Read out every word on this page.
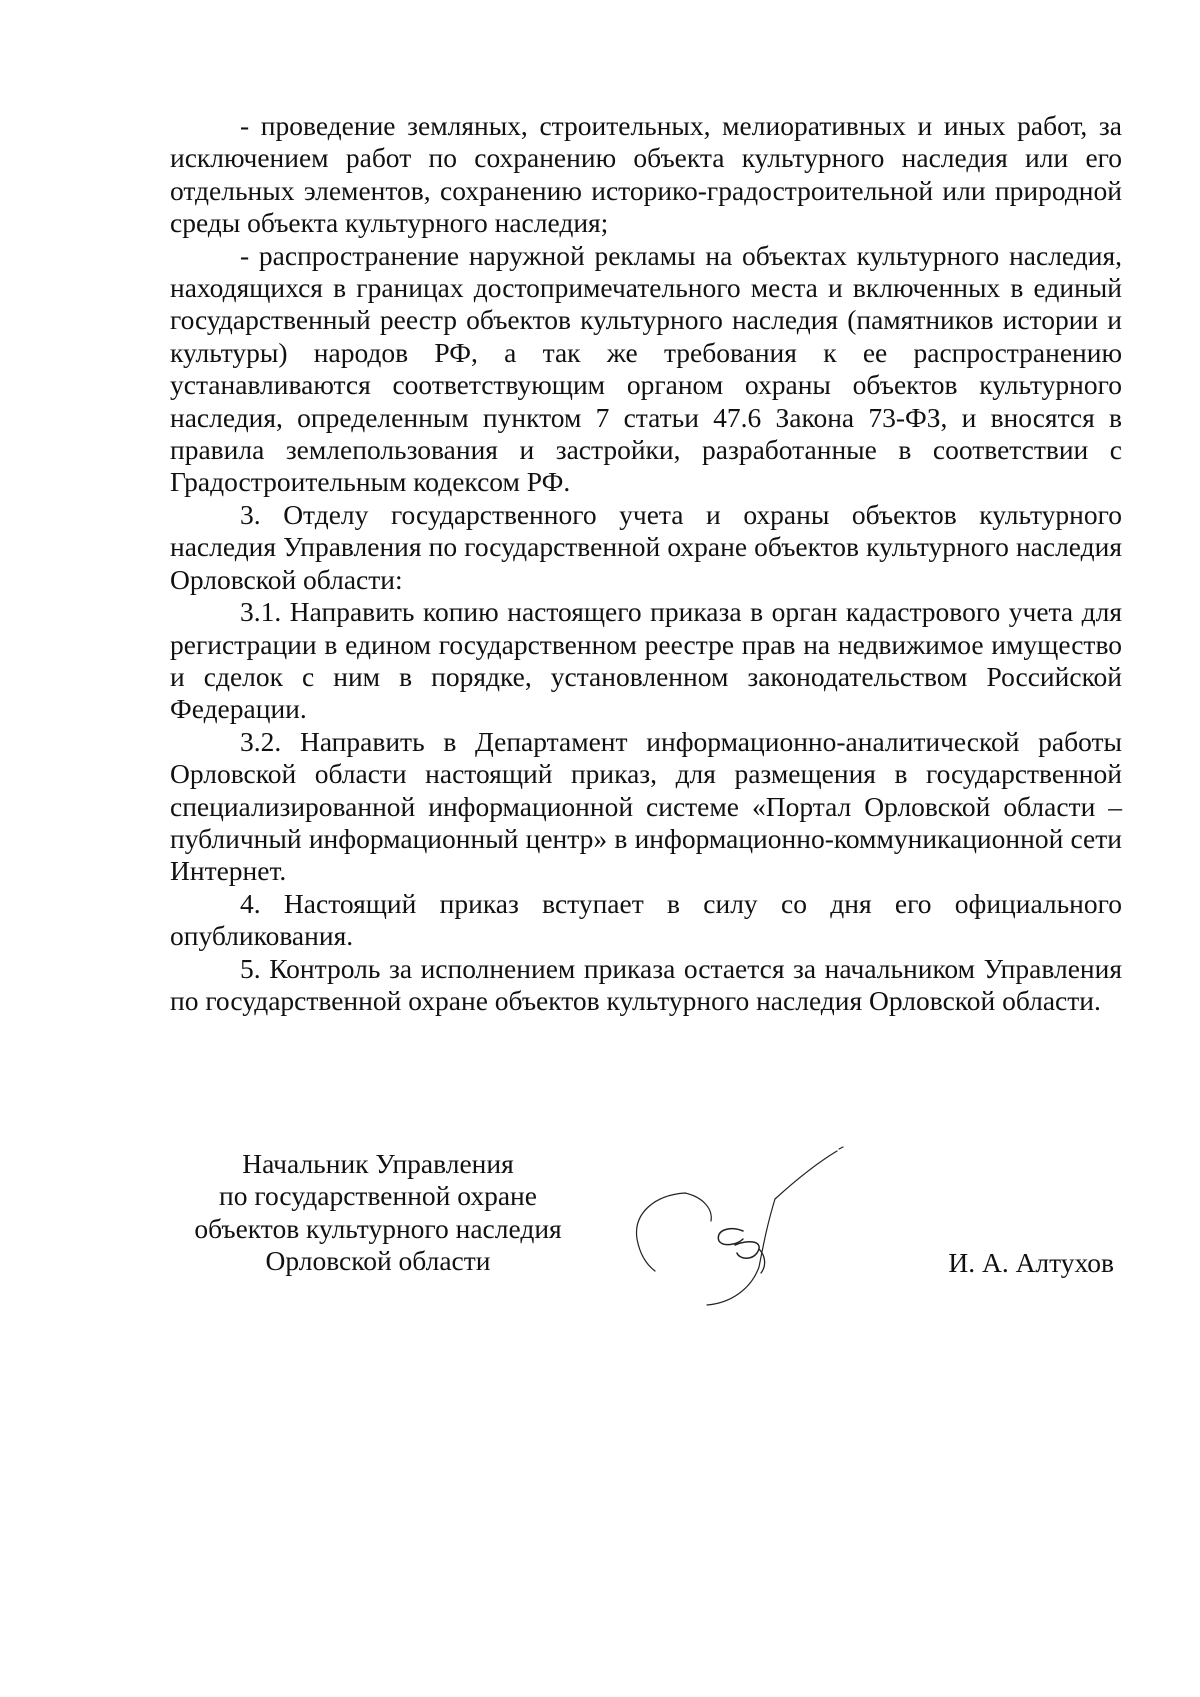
- проведение земляных, строительных, мелиоративных и иных работ, за исключением работ по сохранению объекта культурного наследия или его отдельных элементов, сохранению историко-градостроительной или природной среды объекта культурного наследия;

- распространение наружной рекламы на объектах культурного наследия, находящихся в границах достопримечательного места и включенных в единый государственный реестр объектов культурного наследия (памятников истории и культуры) народов РФ, а так же требования к ее распространению устанавливаются соответствующим органом охраны объектов культурного наследия, определенным пунктом 7 статьи 47.6 Закона 73-ФЗ, и вносятся в правила землепользования и застройки, разработанные в соответствии с Градостроительным кодексом РФ.

3. Отделу государственного учета и охраны объектов культурного наследия Управления по государственной охране объектов культурного наследия Орловской области:

3.1. Направить копию настоящего приказа в орган кадастрового учета для регистрации в едином государственном реестре прав на недвижимое имущество и сделок с ним в порядке, установленном законодательством Российской Федерации.

3.2. Направить в Департамент информационно-аналитической работы Орловской области настоящий приказ, для размещения в государственной специализированной информационной системе «Портал Орловской области – публичный информационный центр» в информационно-коммуникационной сети Интернет.

4. Настоящий приказ вступает в силу со дня его официального опубликования.

5. Контроль за исполнением приказа остается за начальником Управления по государственной охране объектов культурного наследия Орловской области.

Начальник Управления
по государственной охране
объектов культурного наследия
Орловской области	И. А. Алтухов
